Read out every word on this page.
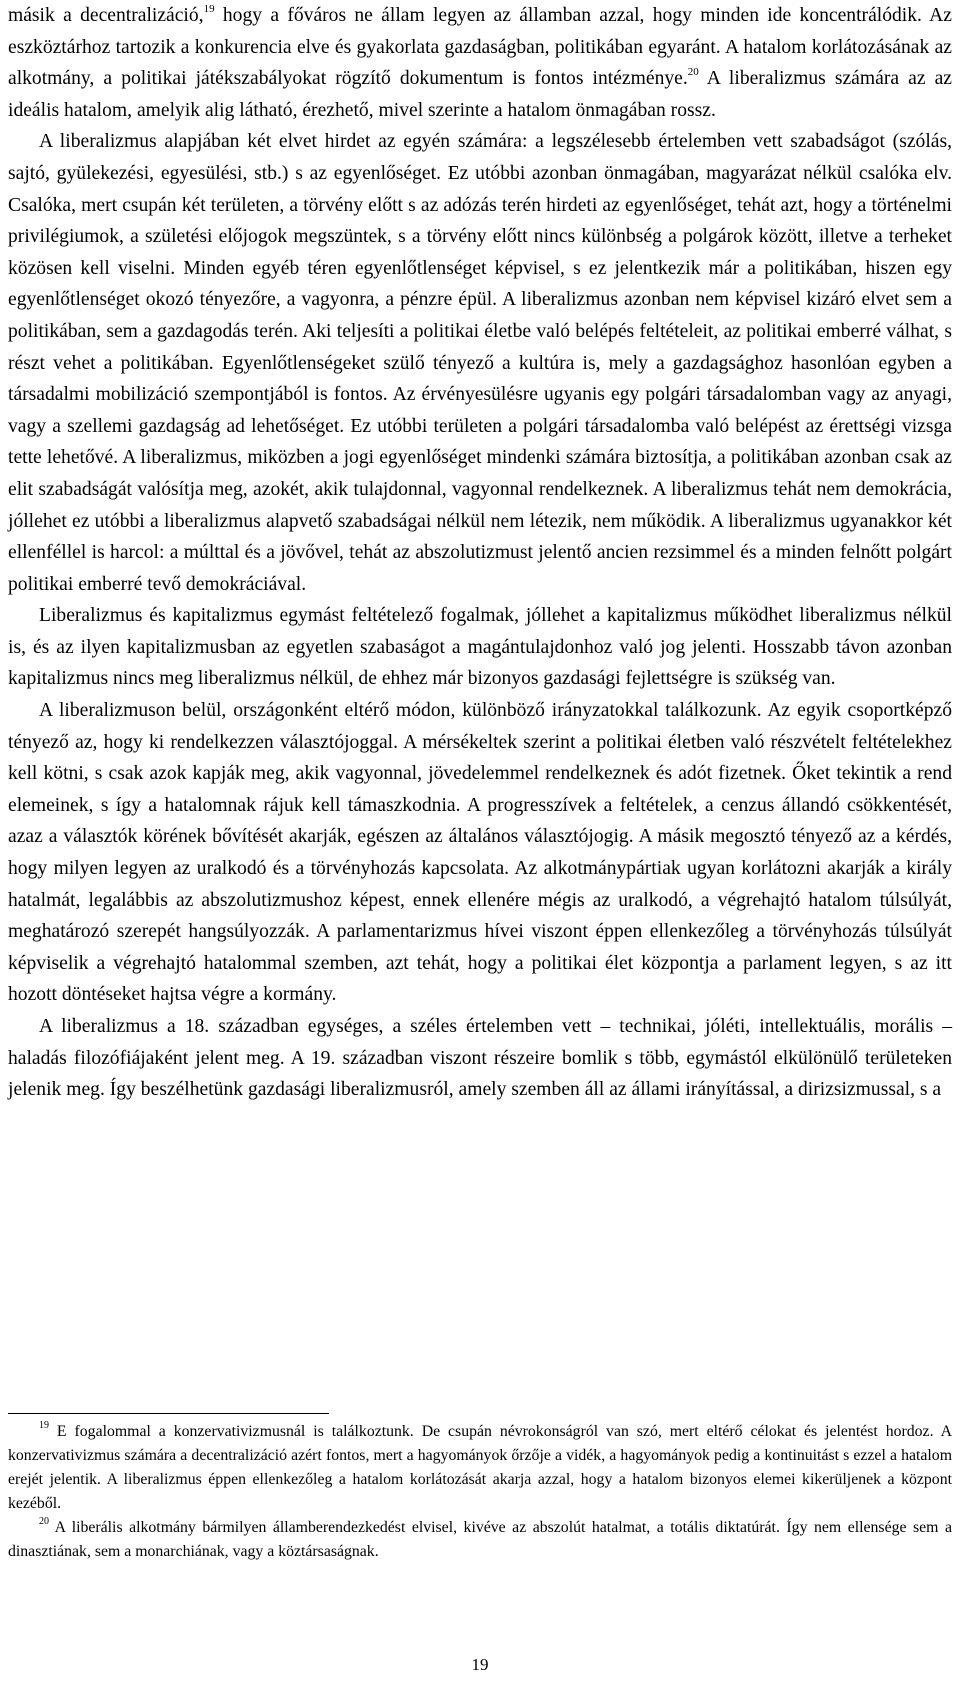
másik a decentralizáció,$^{19}$ hogy a főváros ne állam legyen az államban azzal, hogy minden ide koncentrálódik. Az eszköztárhoz tartozik a konkurencia elve és gyakorlata gazdaságban, politikában egyaránt. A hatalom korlátozásának az alkotmány, a politikai játékszabályokat rögzítő dokumentum is fontos intézménye.$^{20}$ A liberalizmus számára az az ideális hatalom, amelyik alig látható, érezhető, mivel szerinte a hatalom önmagában rossz.

A liberalizmus alapjában két elvet hirdet az egyén számára: a legszélesebb értelemben vett szabadságot (szólás, sajtó, gyülekezési, egyesülési, stb.) s az egyenlőséget. Ez utóbbi azonban önmagában, magyarázat nélkül csalóka elv. Csalóka, mert csupán két területen, a törvény előtt s az adózás terén hirdeti az egyenlőséget, tehát azt, hogy a történelmi privilégiumok, a születési előjogok megszüntek, s a törvény előtt nincs különbség a polgárok között, illetve a terheket közösen kell viselni. Minden egyéb téren egyenlőtlenséget képvisel, s ez jelentkezik már a politikában, hiszen egy egyenlőtlenséget okozó tényezőre, a vagyonra, a pénzre épül. A liberalizmus azonban nem képvisel kizáró elvet sem a politikában, sem a gazdagodás terén. Aki teljesíti a politikai életbe való belépés feltételeit, az politikai emberré válhat, s részt vehet a politikában. Egyenlőtlenségeket szülő tényező a kultúra is, mely a gazdagsághoz hasonlóan egyben a társadalmi mobilizáció szempontjából is fontos. Az érvényesülésre ugyanis egy polgári társadalomban vagy az anyagi, vagy a szellemi gazdagság ad lehetőséget. Ez utóbbi területen a polgári társadalomba való belépést az érettségi vizsga tette lehetővé. A liberalizmus, miközben a jogi egyenlőséget mindenki számára biztosítja, a politikában azonban csak az elit szabadságát valósítja meg, azokét, akik tulajdonnal, vagyonnal rendelkeznek. A liberalizmus tehát nem demokrácia, jóllehet ez utóbbi a liberalizmus alapvető szabadságai nélkül nem létezik, nem működik. A liberalizmus ugyanakkor két ellenféllel is harcol: a múlttal és a jövővel, tehát az abszolutizmust jelentő ancien rezsimmel és a minden felnőtt polgárt politikai emberré tevő demokráciával.

Liberalizmus és kapitalizmus egymást feltételező fogalmak, jóllehet a kapitalizmus működhet liberalizmus nélkül is, és az ilyen kapitalizmusban az egyetlen szabaságot a magántulajdonhoz való jog jelenti. Hosszabb távon azonban kapitalizmus nincs meg liberalizmus nélkül, de ehhez már bizonyos gazdasági fejlettségre is szükség van.

A liberalizmuson belül, országonként eltérő módon, különböző irányzatokkal találkozunk. Az egyik csoportképző tényező az, hogy ki rendelkezzen választójoggal. A mérsékeltek szerint a politikai életben való részvételt feltételekhez kell kötni, s csak azok kapják meg, akik vagyonnal, jövedelemmel rendelkeznek és adót fizetnek. Őket tekintik a rend elemeinek, s így a hatalomnak rájuk kell támaszkodnia. A progresszívek a feltételek, a cenzus állandó csökkentését, azaz a választók körének bővítését akarják, egészen az általános választójogig. A másik megosztó tényező az a kérdés, hogy milyen legyen az uralkodó és a törvényhozás kapcsolata. Az alkotmánypártiak ugyan korlátozni akarják a király hatalmát, legalábbis az abszolutizmushoz képest, ennek ellenére mégis az uralkodó, a végrehajtó hatalom túlsúlyát, meghatározó szerepét hangsúlyozzák. A parlamentarizmus hívei viszont éppen ellenkezőleg a törvényhozás túlsúlyát képviselik a végrehajtó hatalommal szemben, azt tehát, hogy a politikai élet központja a parlament legyen, s az itt hozott döntéseket hajtsa végre a kormány.

A liberalizmus a 18. században egységes, a széles értelemben vett – technikai, jóléti, intellektuális, morális – haladás filozófiájaként jelent meg. A 19. században viszont részeire bomlik s több, egymástól elkülönülő területeken jelenik meg. Így beszélhetünk gazdasági liberalizmusról, amely szemben áll az állami irányítással, a dirizsizmussal, s a

$^{19}$ E fogalommal a konzervativizmusnál is találkoztunk. De csupán névrokonságról van szó, mert eltérő célokat és jelentést hordoz. A konzervativizmus számára a decentralizáció azért fontos, mert a hagyományok őrzője a vidék, a hagyományok pedig a kontinuitást s ezzel a hatalom erejét jelentik. A liberalizmus éppen ellenkezőleg a hatalom korlátozását akarja azzal, hogy a hatalom bizonyos elemei kikerüljenek a központ kezéből.

$^{20}$ A liberális alkotmány bármilyen államberendezkedést elvisel, kivéve az abszolút hatalmat, a totális diktatúrát. Így nem ellensége sem a dinasztiának, sem a monarchiának, vagy a köztársaságnak.

19
